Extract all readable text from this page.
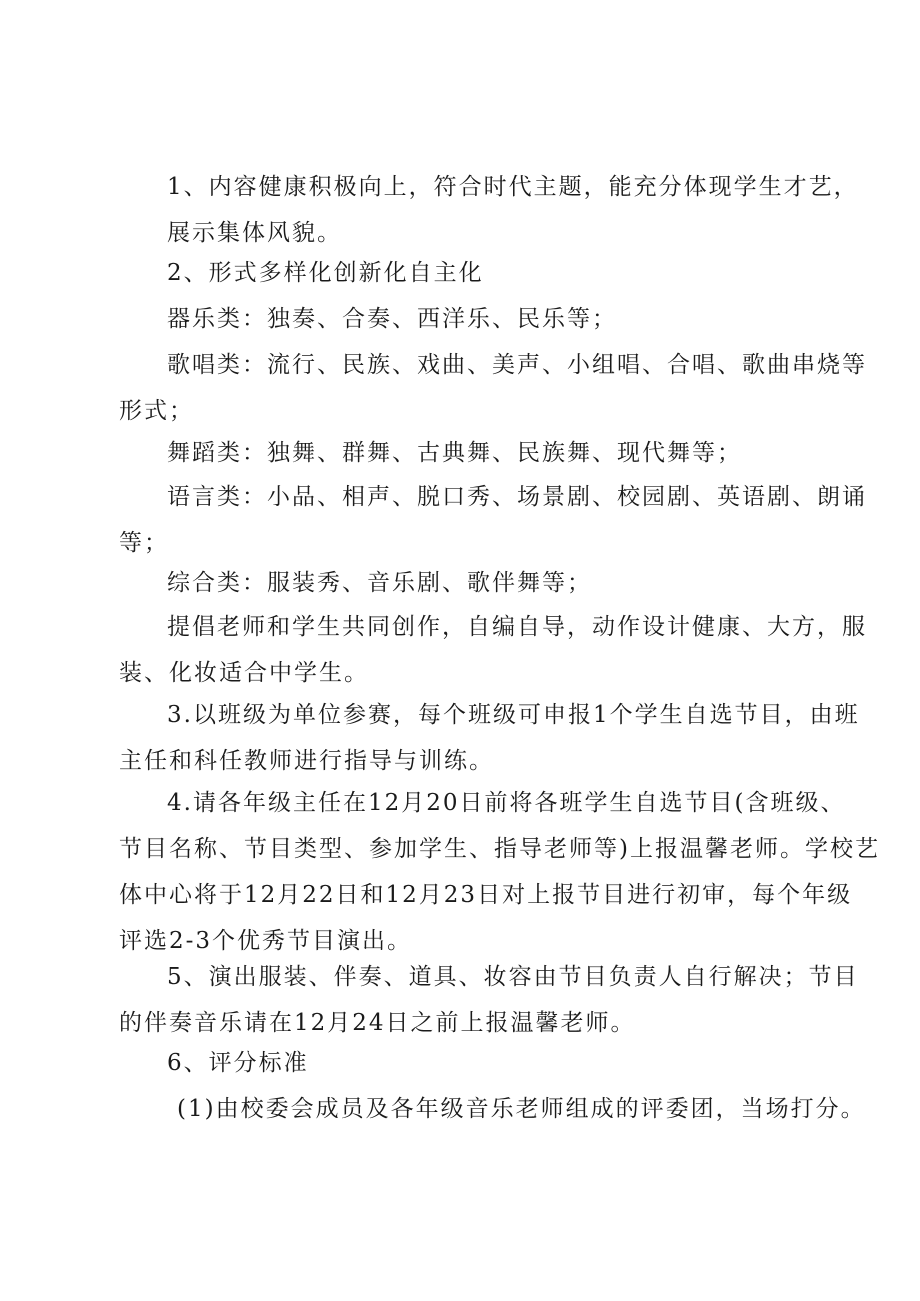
1、内容健康积极向上，符合时代主题，能充分体现学生才艺，
展示集体风貌。
2、形式多样化创新化自主化
器乐类：独奏、合奏、西洋乐、民乐等；
歌唱类：流行、民族、戏曲、美声、小组唱、合唱、歌曲串烧等
形式；
舞蹈类：独舞、群舞、古典舞、民族舞、现代舞等；
语言类：小品、相声、脱口秀、场景剧、校园剧、英语剧、朗诵
等；
综合类：服装秀、音乐剧、歌伴舞等；
提倡老师和学生共同创作，自编自导，动作设计健康、大方，服
装、化妆适合中学生。
3.以班级为单位参赛，每个班级可申报1个学生自选节目，由班
主任和科任教师进行指导与训练。
4.请各年级主任在12月20日前将各班学生自选节目(含班级、
节目名称、节目类型、参加学生、指导老师等)上报温馨老师。学校艺
体中心将于12月22日和12月23日对上报节目进行初审，每个年级
评选2-3个优秀节目演出。
5、演出服装、伴奏、道具、妆容由节目负责人自行解决；节目
的伴奏音乐请在12月24日之前上报温馨老师。
6、评分标准
(1)由校委会成员及各年级音乐老师组成的评委团，当场打分。
